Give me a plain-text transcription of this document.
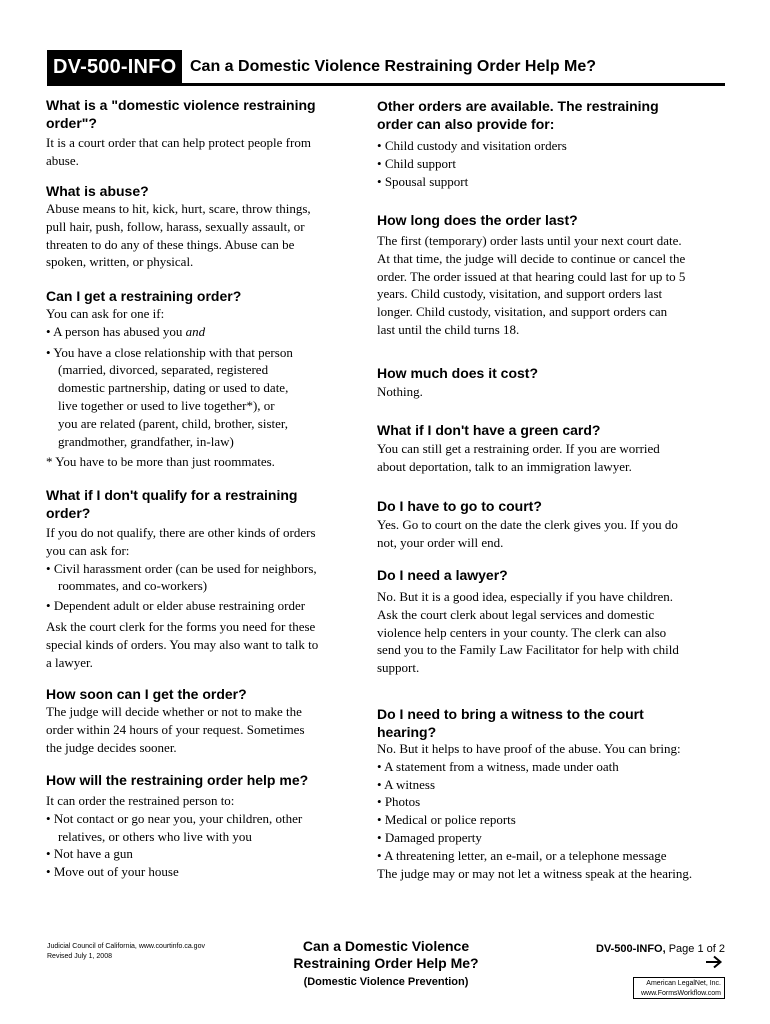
DV-500-INFO Can a Domestic Violence Restraining Order Help Me?
What is a "domestic violence restraining
order"?
It is a court order that can help protect people from
abuse.
What is abuse?
Abuse means to hit, kick, hurt, scare, throw things,
pull hair, push, follow, harass, sexually assault, or
threaten to do any of these things. Abuse can be
spoken, written, or physical.
Can I get a restraining order?
You can ask for one if:
• A person has abused you and
• You have a close relationship with that person
(married, divorced, separated, registered
domestic partnership, dating or used to date,
live together or used to live together*), or
you are related (parent, child, brother, sister,
grandmother, grandfather, in-law)
* You have to be more than just roommates.
What if I don't qualify for a restraining
order?
If you do not qualify, there are other kinds of orders
you can ask for:
• Civil harassment order (can be used for neighbors,
roommates, and co-workers)
• Dependent adult or elder abuse restraining order
Ask the court clerk for the forms you need for these
special kinds of orders. You may also want to talk to
a lawyer.
How soon can I get the order?
The judge will decide whether or not to make the
order within 24 hours of your request. Sometimes
the judge decides sooner.
How will the restraining order help me?
It can order the restrained person to:
• Not contact or go near you, your children, other
relatives, or others who live with you
• Not have a gun
• Move out of your house
Other orders are available. The restraining
order can also provide for:
• Child custody and visitation orders
• Child support
• Spousal support
How long does the order last?
The first (temporary) order lasts until your next court date.
At that time, the judge will decide to continue or cancel the
order. The order issued at that hearing could last for up to 5
years. Child custody, visitation, and support orders last
longer. Child custody, visitation, and support orders can
last until the child turns 18.
How much does it cost?
Nothing.
What if I don't have a green card?
You can still get a restraining order. If you are worried
about deportation, talk to an immigration lawyer.
Do I have to go to court?
Yes. Go to court on the date the clerk gives you. If you do
not, your order will end.
Do I need a lawyer?
No. But it is a good idea, especially if you have children.
Ask the court clerk about legal services and domestic
violence help centers in your county. The clerk can also
send you to the Family Law Facilitator for help with child
support.
Do I need to bring a witness to the court
hearing?
No. But it helps to have proof of the abuse. You can bring:
• A statement from a witness, made under oath
• A witness
• Photos
• Medical or police reports
• Damaged property
• A threatening letter, an e-mail, or a telephone message
The judge may or may not let a witness speak at the hearing.
Judicial Council of California, www.courtinfo.ca.gov
Revised July 1, 2008
Can a Domestic Violence
Restraining Order Help Me?
(Domestic Violence Prevention)
DV-500-INFO, Page 1 of 2
American LegalNet, Inc.
www.FormsWorkflow.com
